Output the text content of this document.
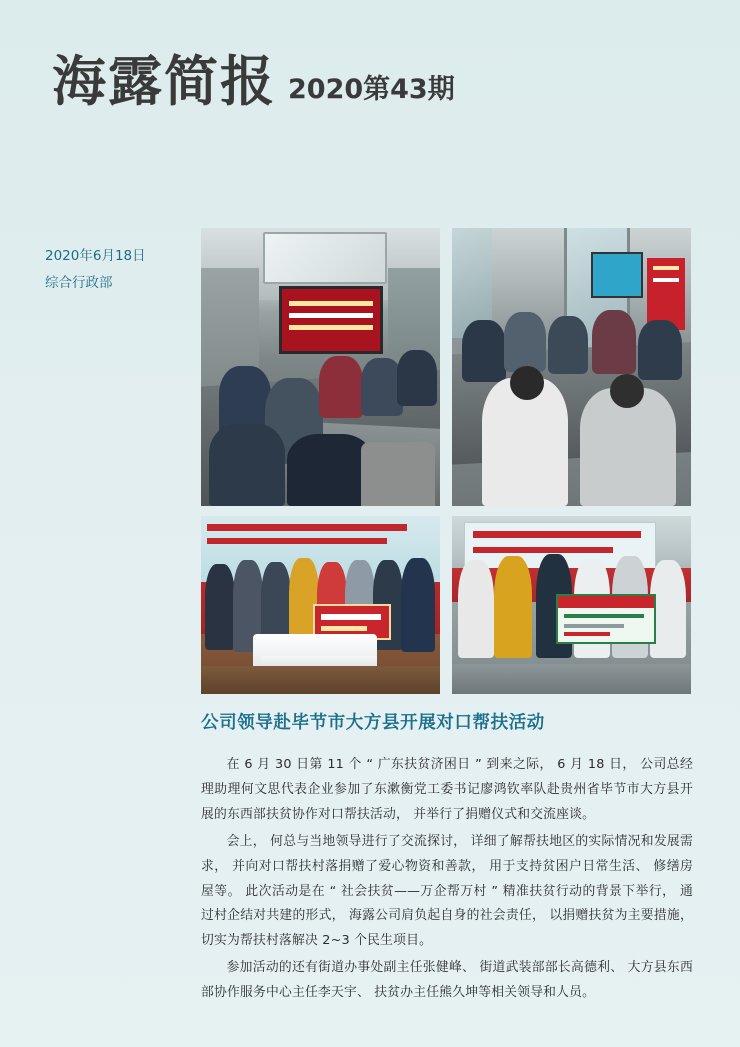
海露简报 2020第43期
2020年6月18日
综合行政部
公司领导赴毕节市大方县开展对口帮扶活动

在 6 月 30 日第 11 个 “ 广东扶贫济困日 ” 到来之际， 6 月 18 日， 公司总经理助理何文思代表企业参加了东漱衡党工委书记廖鸿钦率队赴贵州省毕节市大方县开展的东西部扶贫协作对口帮扶活动， 并举行了捐赠仪式和交流座谈。

会上， 何总与当地领导进行了交流探讨， 详细了解帮扶地区的实际情况和发展需求， 并向对口帮扶村落捐赠了爱心物资和善款， 用于支持贫困户日常生活、 修缮房屋等。 此次活动是在 “ 社会扶贫——万企帮万村 ” 精准扶贫行动的背景下举行， 通过村企结对共建的形式， 海露公司肩负起自身的社会责任， 以捐赠扶贫为主要措施， 切实为帮扶村落解决 2~3 个民生项目。

参加活动的还有街道办事处副主任张健峰、 街道武装部部长高德利、 大方县东西部协作服务中心主任李天宇、 扶贫办主任熊久坤等相关领导和人员。
